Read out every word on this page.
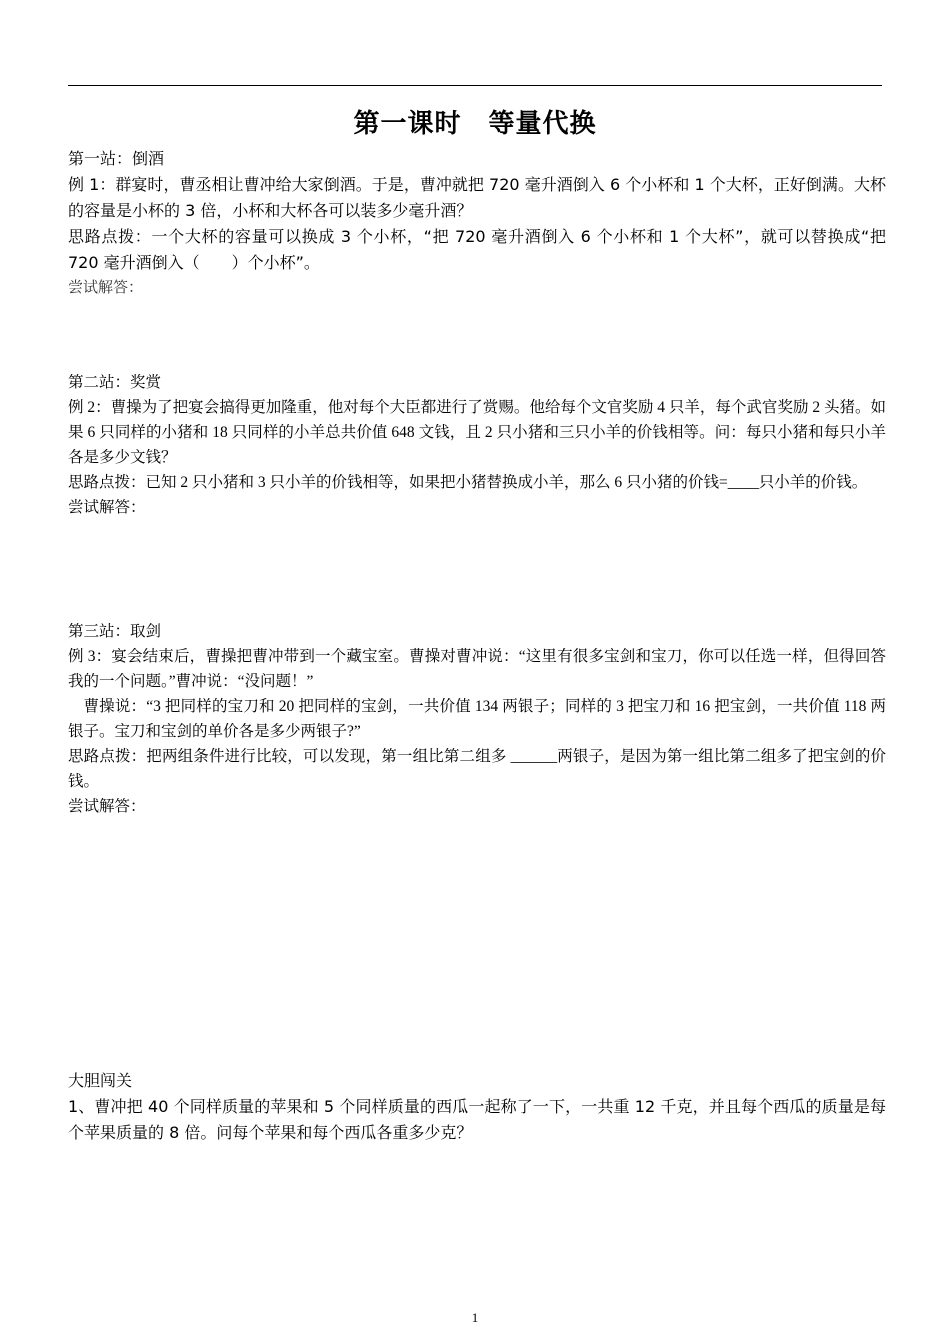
第一课时　等量代换

第一站：倒酒

例 1：群宴时，曹丞相让曹冲给大家倒酒。于是，曹冲就把 720 毫升酒倒入 6 个小杯和 1 个大杯，正好倒满。大杯的容量是小杯的 3 倍，小杯和大杯各可以装多少毫升酒？

思路点拨：一个大杯的容量可以换成 3 个小杯，“把 720 毫升酒倒入 6 个小杯和 1 个大杯”，就可以替换成“把 720 毫升酒倒入（　　）个小杯”。

尝试解答：

第二站：奖赏

例 2：曹操为了把宴会搞得更加隆重，他对每个大臣都进行了赏赐。他给每个文官奖励 4 只羊，每个武官奖励 2 头猪。如果 6 只同样的小猪和 18 只同样的小羊总共价值 648 文钱，且 2 只小猪和三只小羊的价钱相等。问：每只小猪和每只小羊各是多少文钱？

思路点拨：已知 2 只小猪和 3 只小羊的价钱相等，如果把小猪替换成小羊，那么 6 只小猪的价钱=____只小羊的价钱。

尝试解答：

第三站：取剑

例 3：宴会结束后，曹操把曹冲带到一个藏宝室。曹操对曹冲说：“这里有很多宝剑和宝刀，你可以任选一样，但得回答我的一个问题。”曹冲说：“没问题！”

曹操说：“3 把同样的宝刀和 20 把同样的宝剑，一共价值 134 两银子；同样的 3 把宝刀和 16 把宝剑，一共价值 118 两银子。宝刀和宝剑的单价各是多少两银子?”

思路点拨：把两组条件进行比较，可以发现，第一组比第二组多 ______两银子，是因为第一组比第二组多了把宝剑的价钱。

尝试解答：

大胆闯关

1、曹冲把 40 个同样质量的苹果和 5 个同样质量的西瓜一起称了一下，一共重 12 千克，并且每个西瓜的质量是每个苹果质量的 8 倍。问每个苹果和每个西瓜各重多少克？

1
